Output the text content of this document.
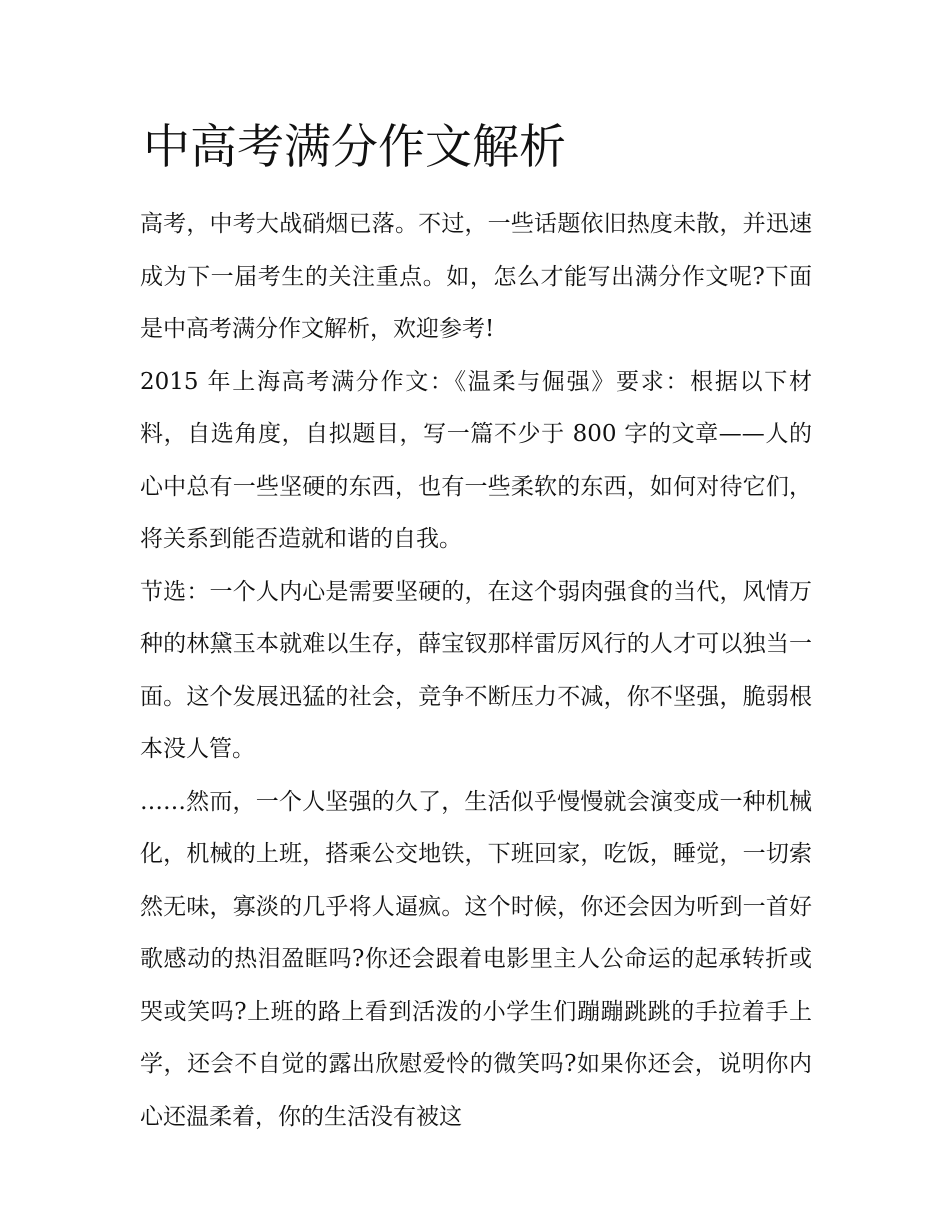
中高考满分作文解析

高考，中考大战硝烟已落。不过，一些话题依旧热度未散，并迅速成为下一届考生的关注重点。如，怎么才能写出满分作文呢?下面是中高考满分作文解析，欢迎参考!

2015 年上海高考满分作文：《温柔与倔强》要求：根据以下材料，自选角度，自拟题目，写一篇不少于 800 字的文章——人的心中总有一些坚硬的东西，也有一些柔软的东西，如何对待它们，将关系到能否造就和谐的自我。

节选：一个人内心是需要坚硬的，在这个弱肉强食的当代，风情万种的林黛玉本就难以生存，薛宝钗那样雷厉风行的人才可以独当一面。这个发展迅猛的社会，竞争不断压力不减，你不坚强，脆弱根本没人管。

……然而，一个人坚强的久了，生活似乎慢慢就会演变成一种机械化，机械的上班，搭乘公交地铁，下班回家，吃饭，睡觉，一切索然无味，寡淡的几乎将人逼疯。这个时候，你还会因为听到一首好歌感动的热泪盈眶吗?你还会跟着电影里主人公命运的起承转折或哭或笑吗?上班的路上看到活泼的小学生们蹦蹦跳跳的手拉着手上学，还会不自觉的露出欣慰爱怜的微笑吗?如果你还会，说明你内心还温柔着，你的生活没有被这
